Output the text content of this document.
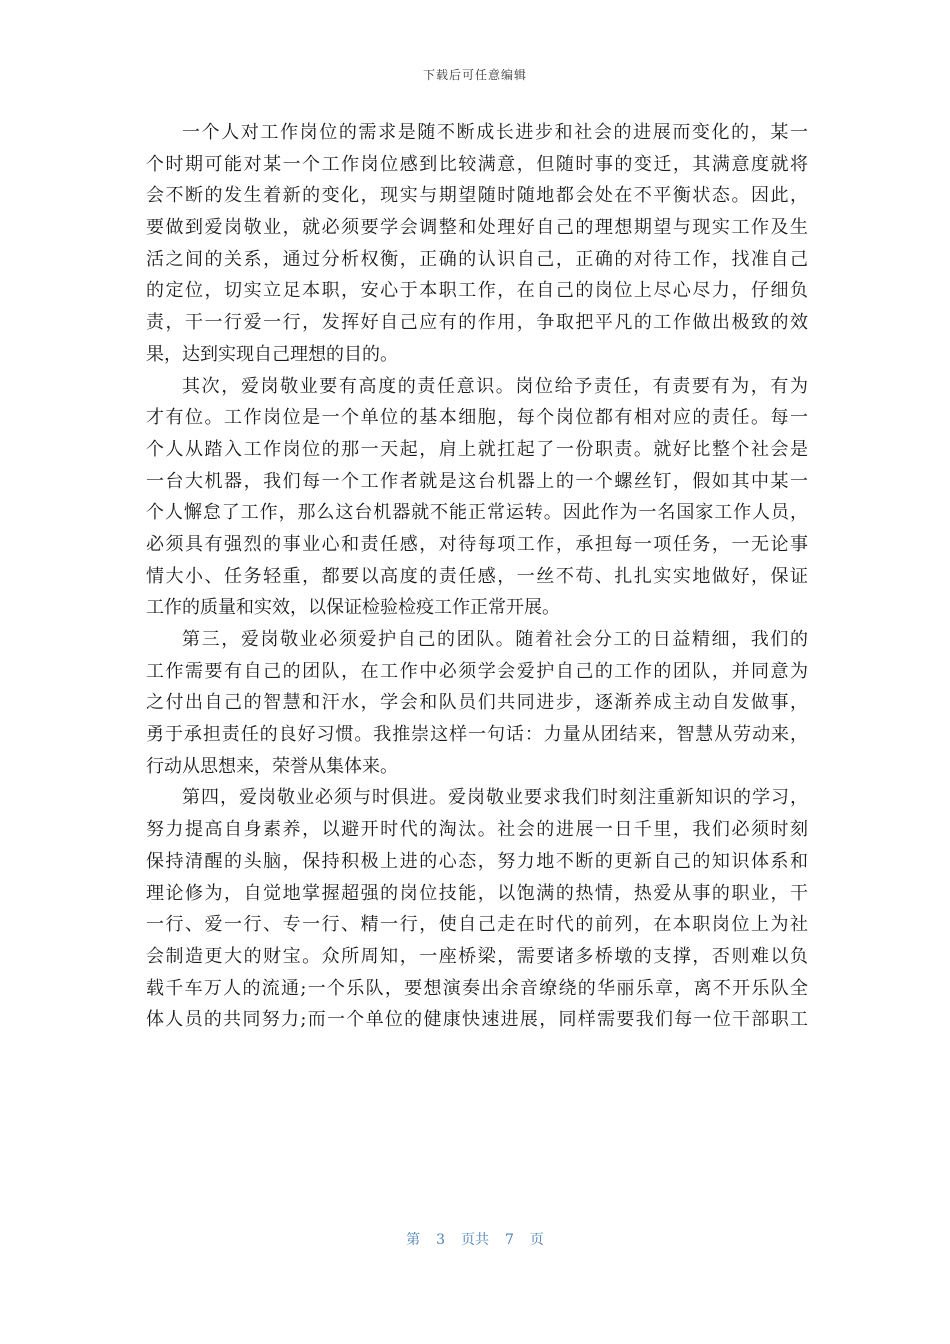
下载后可任意编辑
一个人对工作岗位的需求是随不断成长进步和社会的进展而变化的，某一
个时期可能对某一个工作岗位感到比较满意，但随时事的变迁，其满意度就将
会不断的发生着新的变化，现实与期望随时随地都会处在不平衡状态。因此，
要做到爱岗敬业，就必须要学会调整和处理好自己的理想期望与现实工作及生
活之间的关系，通过分析权衡，正确的认识自己，正确的对待工作，找准自己
的定位，切实立足本职，安心于本职工作，在自己的岗位上尽心尽力，仔细负
责，干一行爱一行，发挥好自己应有的作用，争取把平凡的工作做出极致的效
果，达到实现自己理想的目的。
其次，爱岗敬业要有高度的责任意识。岗位给予责任，有责要有为，有为
才有位。工作岗位是一个单位的基本细胞，每个岗位都有相对应的责任。每一
个人从踏入工作岗位的那一天起，肩上就扛起了一份职责。就好比整个社会是
一台大机器，我们每一个工作者就是这台机器上的一个螺丝钉，假如其中某一
个人懈怠了工作，那么这台机器就不能正常运转。因此作为一名国家工作人员，
必须具有强烈的事业心和责任感，对待每项工作，承担每一项任务，一无论事
情大小、任务轻重，都要以高度的责任感，一丝不苟、扎扎实实地做好，保证
工作的质量和实效，以保证检验检疫工作正常开展。
第三，爱岗敬业必须爱护自己的团队。随着社会分工的日益精细，我们的
工作需要有自己的团队，在工作中必须学会爱护自己的工作的团队，并同意为
之付出自己的智慧和汗水，学会和队员们共同进步，逐渐养成主动自发做事，
勇于承担责任的良好习惯。我推崇这样一句话：力量从团结来，智慧从劳动来，
行动从思想来，荣誉从集体来。
第四，爱岗敬业必须与时俱进。爱岗敬业要求我们时刻注重新知识的学习，
努力提高自身素养，以避开时代的淘汰。社会的进展一日千里，我们必须时刻
保持清醒的头脑，保持积极上进的心态，努力地不断的更新自己的知识体系和
理论修为，自觉地掌握超强的岗位技能，以饱满的热情，热爱从事的职业，干
一行、爱一行、专一行、精一行，使自己走在时代的前列，在本职岗位上为社
会制造更大的财宝。众所周知，一座桥梁，需要诸多桥墩的支撑，否则难以负
载千车万人的流通;一个乐队，要想演奏出余音缭绕的华丽乐章，离不开乐队全
体人员的共同努力;而一个单位的健康快速进展，同样需要我们每一位干部职工
第 3 页共 7 页
